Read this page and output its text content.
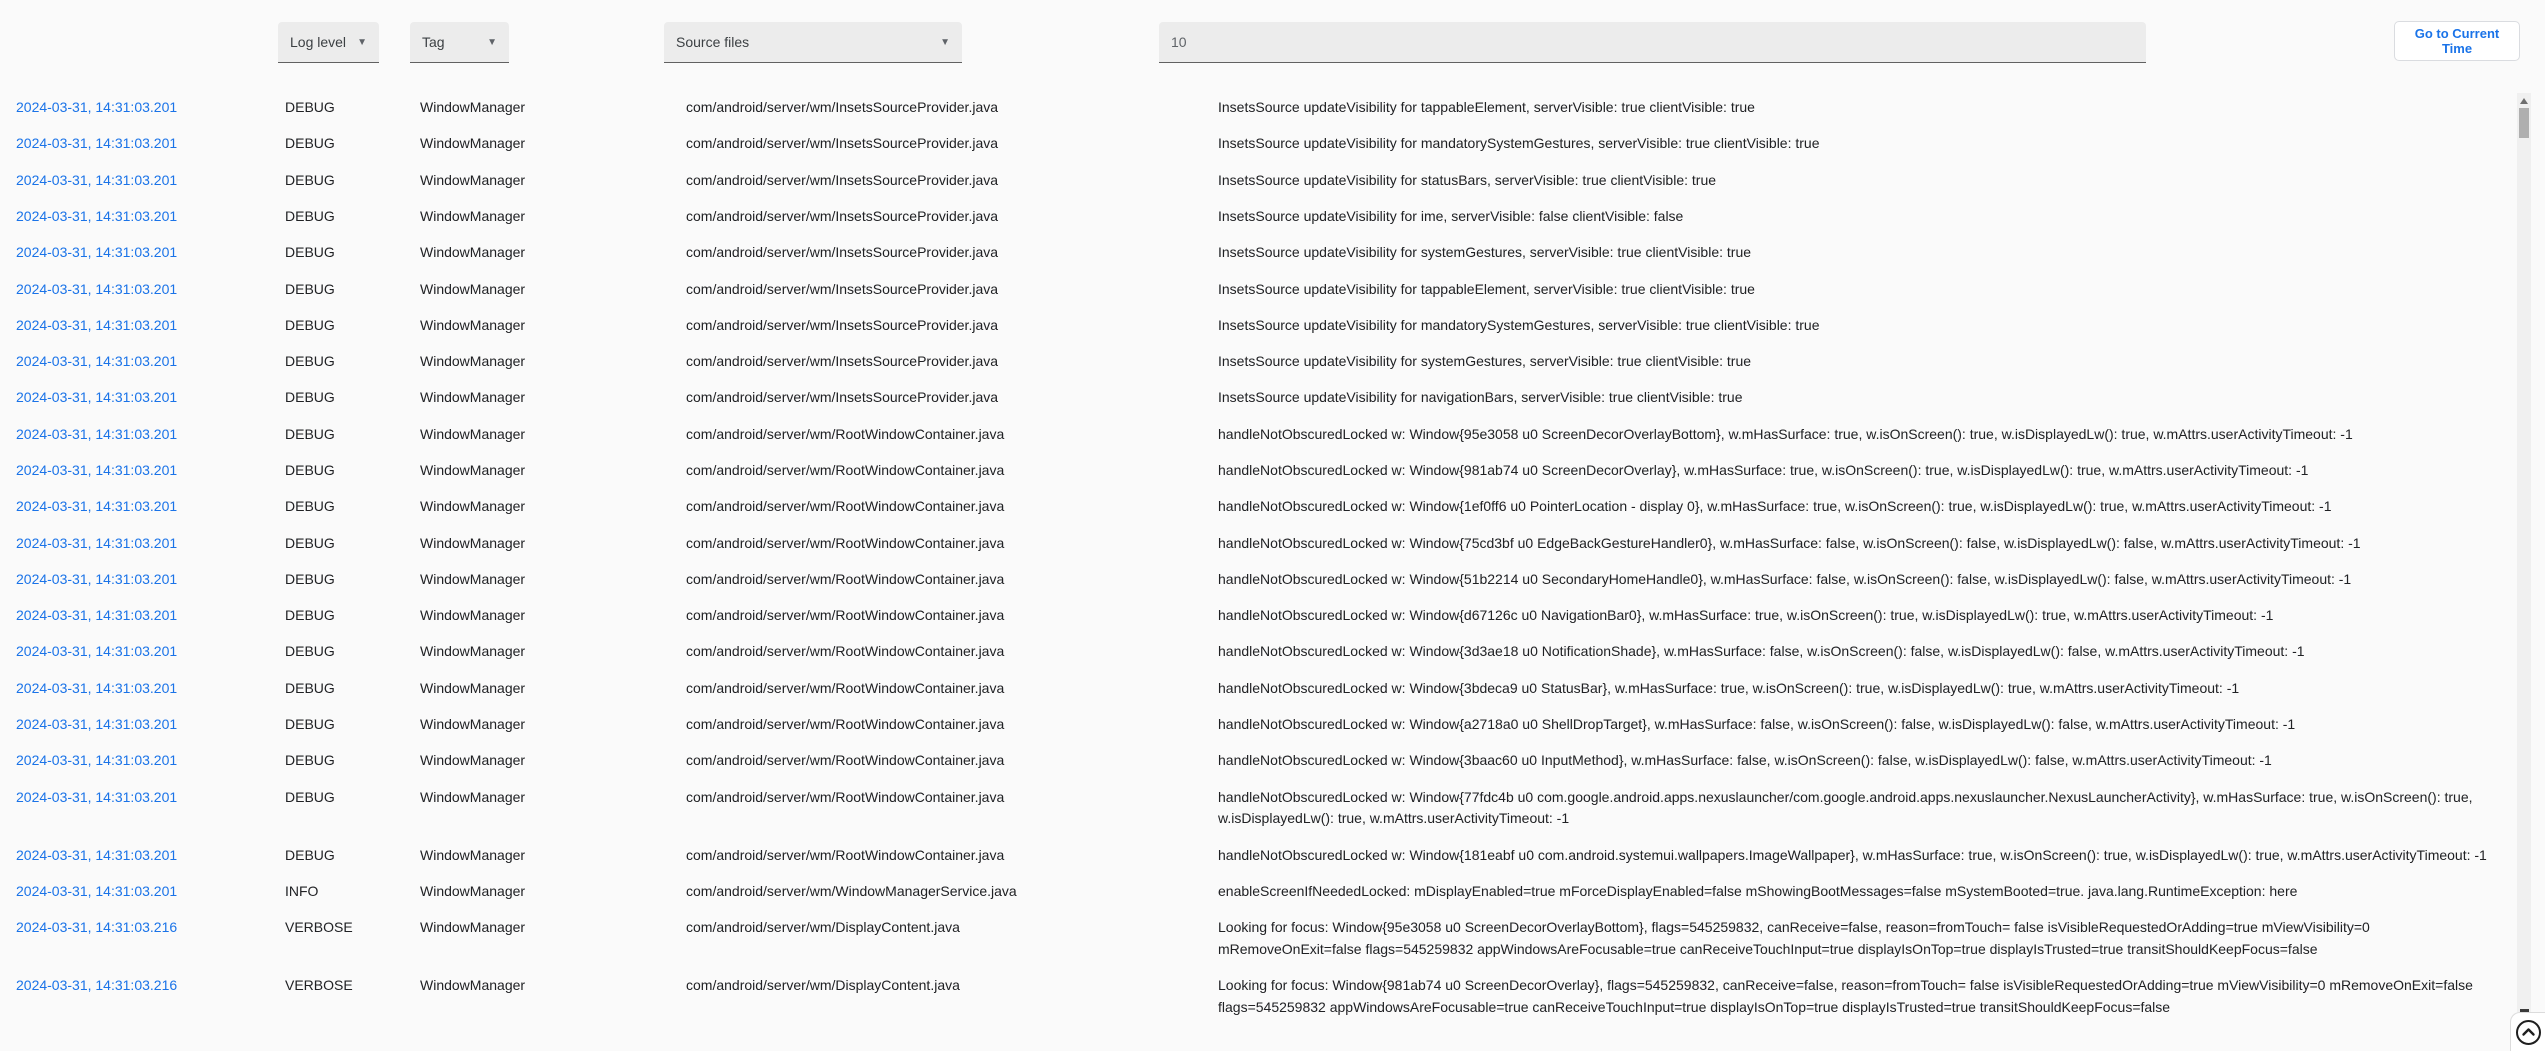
Log level ▼	Tag	▼	Source files	▼
10
Go to Current Time
2024-03-31, 14:31:03.201	DEBUG	WindowManager	com/android/server/wm/InsetsSourceProvider.java	InsetsSource updateVisibility for tappableElement, serverVisible: true clientVisible: true
2024-03-31, 14:31:03.201	DEBUG	WindowManager	com/android/server/wm/InsetsSourceProvider.java	InsetsSource updateVisibility for mandatorySystemGestures, serverVisible: true clientVisible: true
2024-03-31, 14:31:03.201	DEBUG	WindowManager	com/android/server/wm/InsetsSourceProvider.java	InsetsSource updateVisibility for statusBars, serverVisible: true clientVisible: true
2024-03-31, 14:31:03.201	DEBUG	WindowManager	com/android/server/wm/InsetsSourceProvider.java	InsetsSource updateVisibility for ime, serverVisible: false clientVisible: false
2024-03-31, 14:31:03.201	DEBUG	WindowManager	com/android/server/wm/InsetsSourceProvider.java	InsetsSource updateVisibility for systemGestures, serverVisible: true clientVisible: true
2024-03-31, 14:31:03.201	DEBUG	WindowManager	com/android/server/wm/InsetsSourceProvider.java	InsetsSource updateVisibility for tappableElement, serverVisible: true clientVisible: true
2024-03-31, 14:31:03.201	DEBUG	WindowManager	com/android/server/wm/InsetsSourceProvider.java	InsetsSource updateVisibility for mandatorySystemGestures, serverVisible: true clientVisible: true
2024-03-31, 14:31:03.201	DEBUG	WindowManager	com/android/server/wm/InsetsSourceProvider.java	InsetsSource updateVisibility for systemGestures, serverVisible: true clientVisible: true
2024-03-31, 14:31:03.201	DEBUG	WindowManager	com/android/server/wm/InsetsSourceProvider.java	InsetsSource updateVisibility for navigationBars, serverVisible: true clientVisible: true
2024-03-31, 14:31:03.201	DEBUG	WindowManager	com/android/server/wm/RootWindowContainer.java	handleNotObscuredLocked w: Window{95e3058 u0 ScreenDecorOverlayBottom}, w.mHasSurface: true, w.isOnScreen(): true, w.isDisplayedLw(): true, w.mAttrs.userActivityTimeout: -1
2024-03-31, 14:31:03.201	DEBUG	WindowManager	com/android/server/wm/RootWindowContainer.java	handleNotObscuredLocked w: Window{981ab74 u0 ScreenDecorOverlay}, w.mHasSurface: true, w.isOnScreen(): true, w.isDisplayedLw(): true, w.mAttrs.userActivityTimeout: -1
2024-03-31, 14:31:03.201	DEBUG	WindowManager	com/android/server/wm/RootWindowContainer.java	handleNotObscuredLocked w: Window{1ef0ff6 u0 PointerLocation - display 0}, w.mHasSurface: true, w.isOnScreen(): true, w.isDisplayedLw(): true, w.mAttrs.userActivityTimeout: -1
2024-03-31, 14:31:03.201	DEBUG	WindowManager	com/android/server/wm/RootWindowContainer.java	handleNotObscuredLocked w: Window{75cd3bf u0 EdgeBackGestureHandler0}, w.mHasSurface: false, w.isOnScreen(): false, w.isDisplayedLw(): false, w.mAttrs.userActivityTimeout: -1
2024-03-31, 14:31:03.201	DEBUG	WindowManager	com/android/server/wm/RootWindowContainer.java	handleNotObscuredLocked w: Window{51b2214 u0 SecondaryHomeHandle0}, w.mHasSurface: false, w.isOnScreen(): false, w.isDisplayedLw(): false, w.mAttrs.userActivityTimeout: -1
2024-03-31, 14:31:03.201	DEBUG	WindowManager	com/android/server/wm/RootWindowContainer.java	handleNotObscuredLocked w: Window{d67126c u0 NavigationBar0}, w.mHasSurface: true, w.isOnScreen(): true, w.isDisplayedLw(): true, w.mAttrs.userActivityTimeout: -1
2024-03-31, 14:31:03.201	DEBUG	WindowManager	com/android/server/wm/RootWindowContainer.java	handleNotObscuredLocked w: Window{3d3ae18 u0 NotificationShade}, w.mHasSurface: false, w.isOnScreen(): false, w.isDisplayedLw(): false, w.mAttrs.userActivityTimeout: -1
2024-03-31, 14:31:03.201	DEBUG	WindowManager	com/android/server/wm/RootWindowContainer.java	handleNotObscuredLocked w: Window{3bdeca9 u0 StatusBar}, w.mHasSurface: true, w.isOnScreen(): true, w.isDisplayedLw(): true, w.mAttrs.userActivityTimeout: -1
2024-03-31, 14:31:03.201	DEBUG	WindowManager	com/android/server/wm/RootWindowContainer.java	handleNotObscuredLocked w: Window{a2718a0 u0 ShellDropTarget}, w.mHasSurface: false, w.isOnScreen(): false, w.isDisplayedLw(): false, w.mAttrs.userActivityTimeout: -1
2024-03-31, 14:31:03.201	DEBUG	WindowManager	com/android/server/wm/RootWindowContainer.java	handleNotObscuredLocked w: Window{3baac60 u0 InputMethod}, w.mHasSurface: false, w.isOnScreen(): false, w.isDisplayedLw(): false, w.mAttrs.userActivityTimeout: -1
2024-03-31, 14:31:03.201	DEBUG	WindowManager	com/android/server/wm/RootWindowContainer.java	handleNotObscuredLocked w: Window{77fdc4b u0 com.google.android.apps.nexuslauncher/com.google.android.apps.nexuslauncher.NexusLauncherActivity}, w.mHasSurface: true, w.isOnScreen(): true, w.isDisplayedLw(): true, w.mAttrs.userActivityTimeout: -1
2024-03-31, 14:31:03.201	DEBUG	WindowManager	com/android/server/wm/RootWindowContainer.java	handleNotObscuredLocked w: Window{181eabf u0 com.android.systemui.wallpapers.ImageWallpaper}, w.mHasSurface: true, w.isOnScreen(): true, w.isDisplayedLw(): true, w.mAttrs.userActivityTimeout: -1
2024-03-31, 14:31:03.201	INFO	WindowManager	com/android/server/wm/WindowManagerService.java	enableScreenIfNeededLocked: mDisplayEnabled=true mForceDisplayEnabled=false mShowingBootMessages=false mSystemBooted=true. java.lang.RuntimeException: here
2024-03-31, 14:31:03.216	VERBOSE	WindowManager	com/android/server/wm/DisplayContent.java	Looking for focus: Window{95e3058 u0 ScreenDecorOverlayBottom}, flags=545259832, canReceive=false, reason=fromTouch= false isVisibleRequestedOrAdding=true mViewVisibility=0 mRemoveOnExit=false flags=545259832 appWindowsAreFocusable=true canReceiveTouchInput=true displayIsOnTop=true displayIsTrusted=true transitShouldKeepFocus=false
2024-03-31, 14:31:03.216	VERBOSE	WindowManager	com/android/server/wm/DisplayContent.java	Looking for focus: Window{981ab74 u0 ScreenDecorOverlay}, flags=545259832, canReceive=false, reason=fromTouch= false isVisibleRequestedOrAdding=true mViewVisibility=0 mRemoveOnExit=false flags=545259832 appWindowsAreFocusable=true canReceiveTouchInput=true displayIsOnTop=true displayIsTrusted=true transitShouldKeepFocus=false
